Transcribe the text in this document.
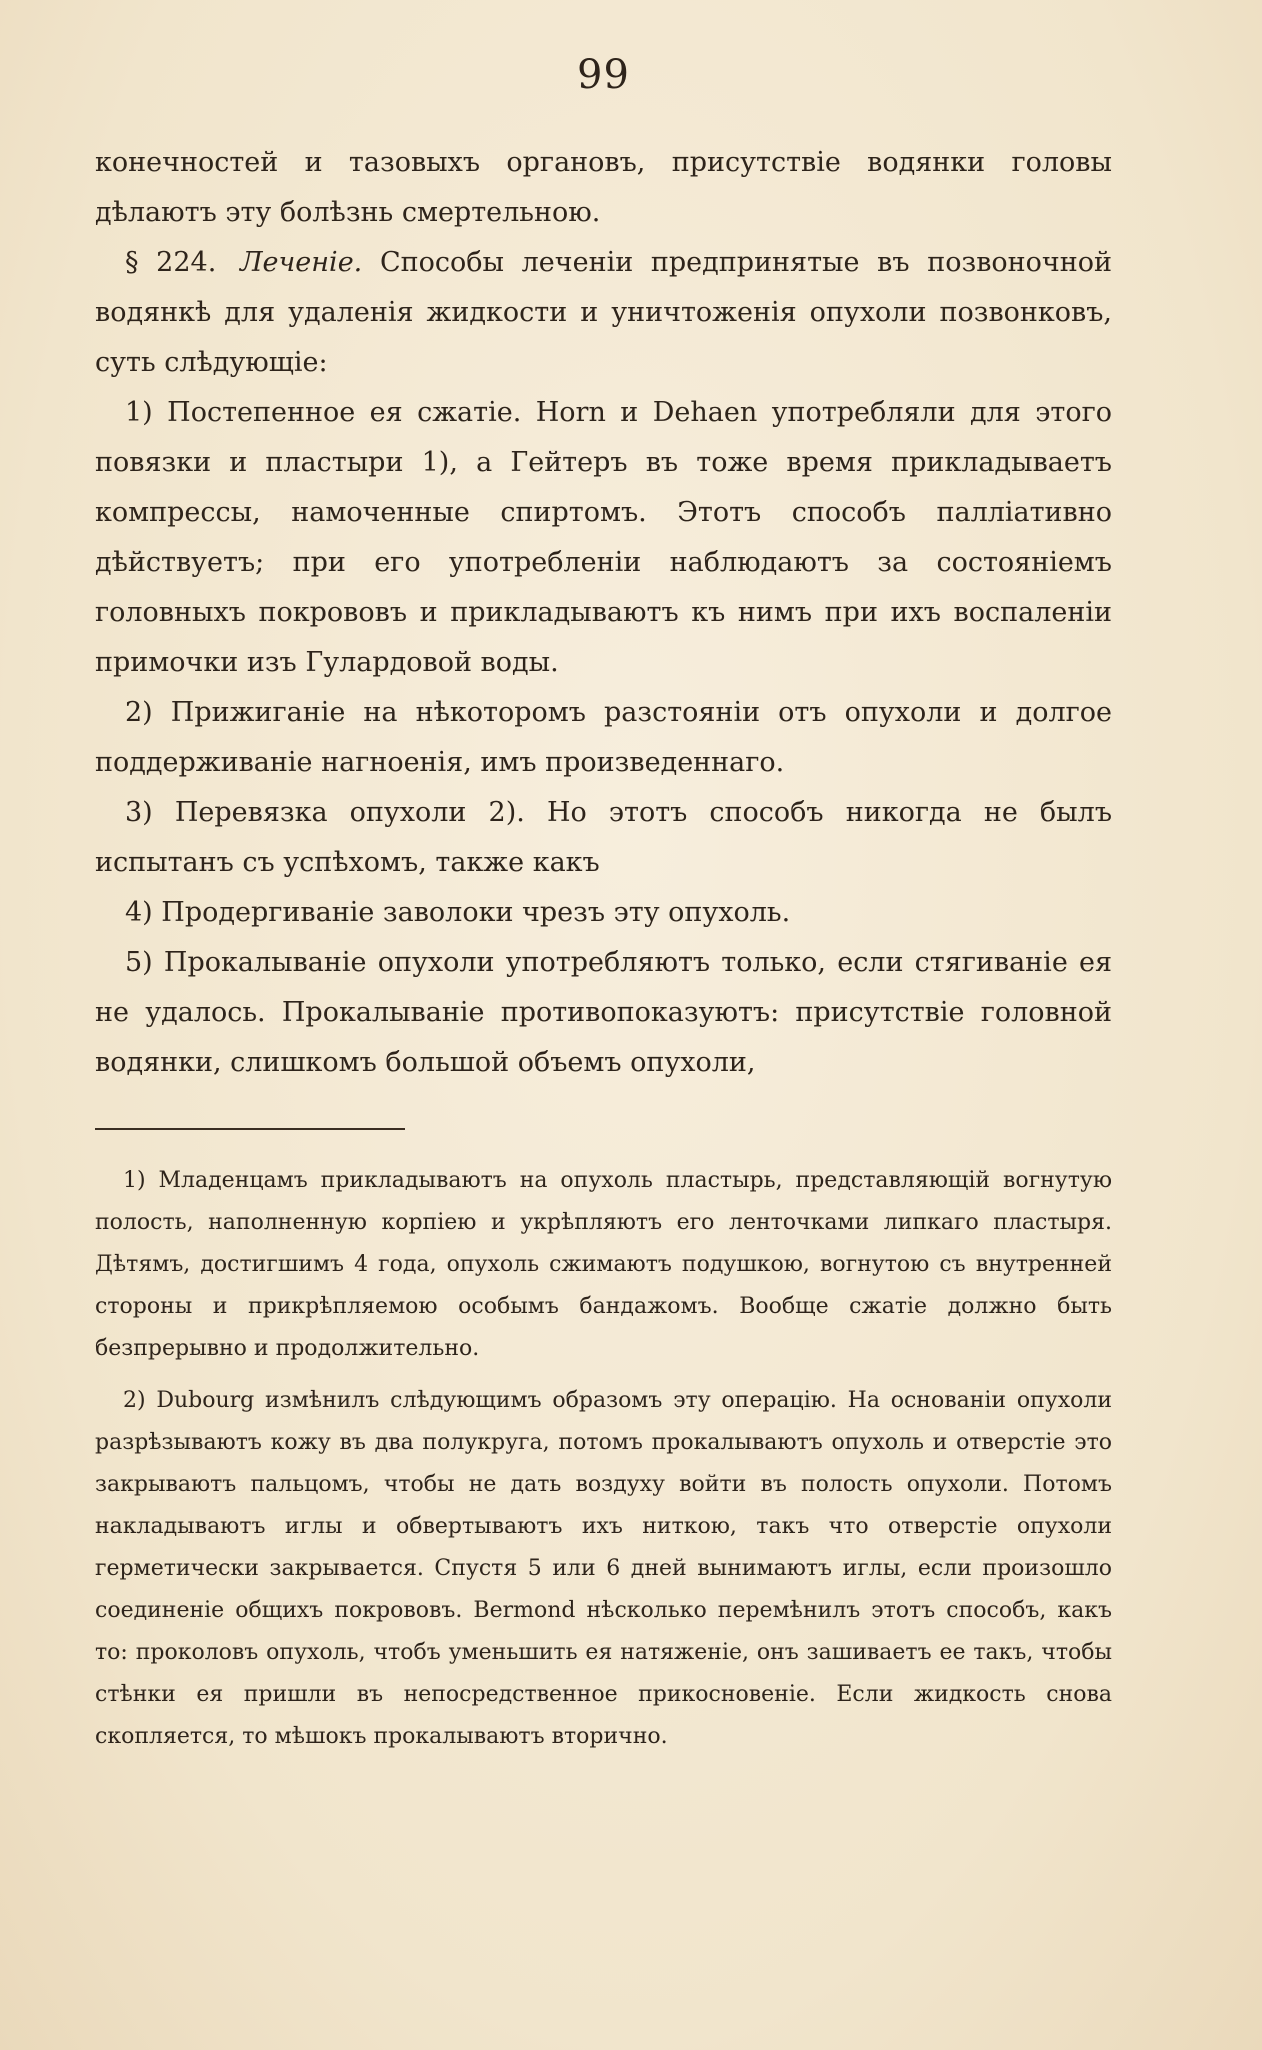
99

конечностей и тазовыхъ органовъ, присутствіе водянки головы дѣлаютъ эту болѣзнь смертельною.

§ 224. Леченіе. Способы леченіи предпринятые въ позвоночной водянкѣ для удаленія жидкости и уничтоженія опухоли позвонковъ, суть слѣдующіе:

1) Постепенное ея сжатіе. Horn и Dehaen употребляли для этого повязки и пластыри 1), а Гейтеръ въ тоже время прикладываетъ компрессы, намоченные спиртомъ. Этотъ способъ палліативно дѣйствуетъ; при его употребленіи наблюдаютъ за состояніемъ головныхъ покрововъ и прикладываютъ къ нимъ при ихъ воспаленіи примочки изъ Гулардовой воды.

2) Прижиганіе на нѣкоторомъ разстояніи отъ опухоли и долгое поддерживаніе нагноенія, имъ произведеннаго.

3) Перевязка опухоли 2). Но этотъ способъ никогда не былъ испытанъ съ успѣхомъ, также какъ

4) Продергиваніе заволоки чрезъ эту опухоль.

5) Прокалываніе опухоли употребляютъ только, если стягиваніе ея не удалось. Прокалываніе противопоказуютъ: присутствіе головной водянки, слишкомъ большой объемъ опухоли,

1) Младенцамъ прикладываютъ на опухоль пластырь, представляющій вогнутую полость, наполненную корпіею и укрѣпляютъ его ленточками липкаго пластыря. Дѣтямъ, достигшимъ 4 года, опухоль сжимаютъ подушкою, вогнутою съ внутренней стороны и прикрѣпляемою особымъ бандажомъ. Вообще сжатіе должно быть безпрерывно и продолжительно.

2) Dubourg измѣнилъ слѣдующимъ образомъ эту операцію. На основаніи опухоли разрѣзываютъ кожу въ два полукруга, потомъ прокалываютъ опухоль и отверстіе это закрываютъ пальцомъ, чтобы не дать воздуху войти въ полость опухоли. Потомъ накладываютъ иглы и обвертываютъ ихъ ниткою, такъ что отверстіе опухоли герметически закрывается. Спустя 5 или 6 дней вынимаютъ иглы, если произошло соединеніе общихъ покрововъ. Bermond нѣсколько перемѣнилъ этотъ способъ, какъ то: проколовъ опухоль, чтобъ уменьшить ея натяженіе, онъ зашиваетъ ее такъ, чтобы стѣнки ея пришли въ непосредственное прикосновеніе. Если жидкость снова скопляется, то мѣшокъ прокалываютъ вторично.
